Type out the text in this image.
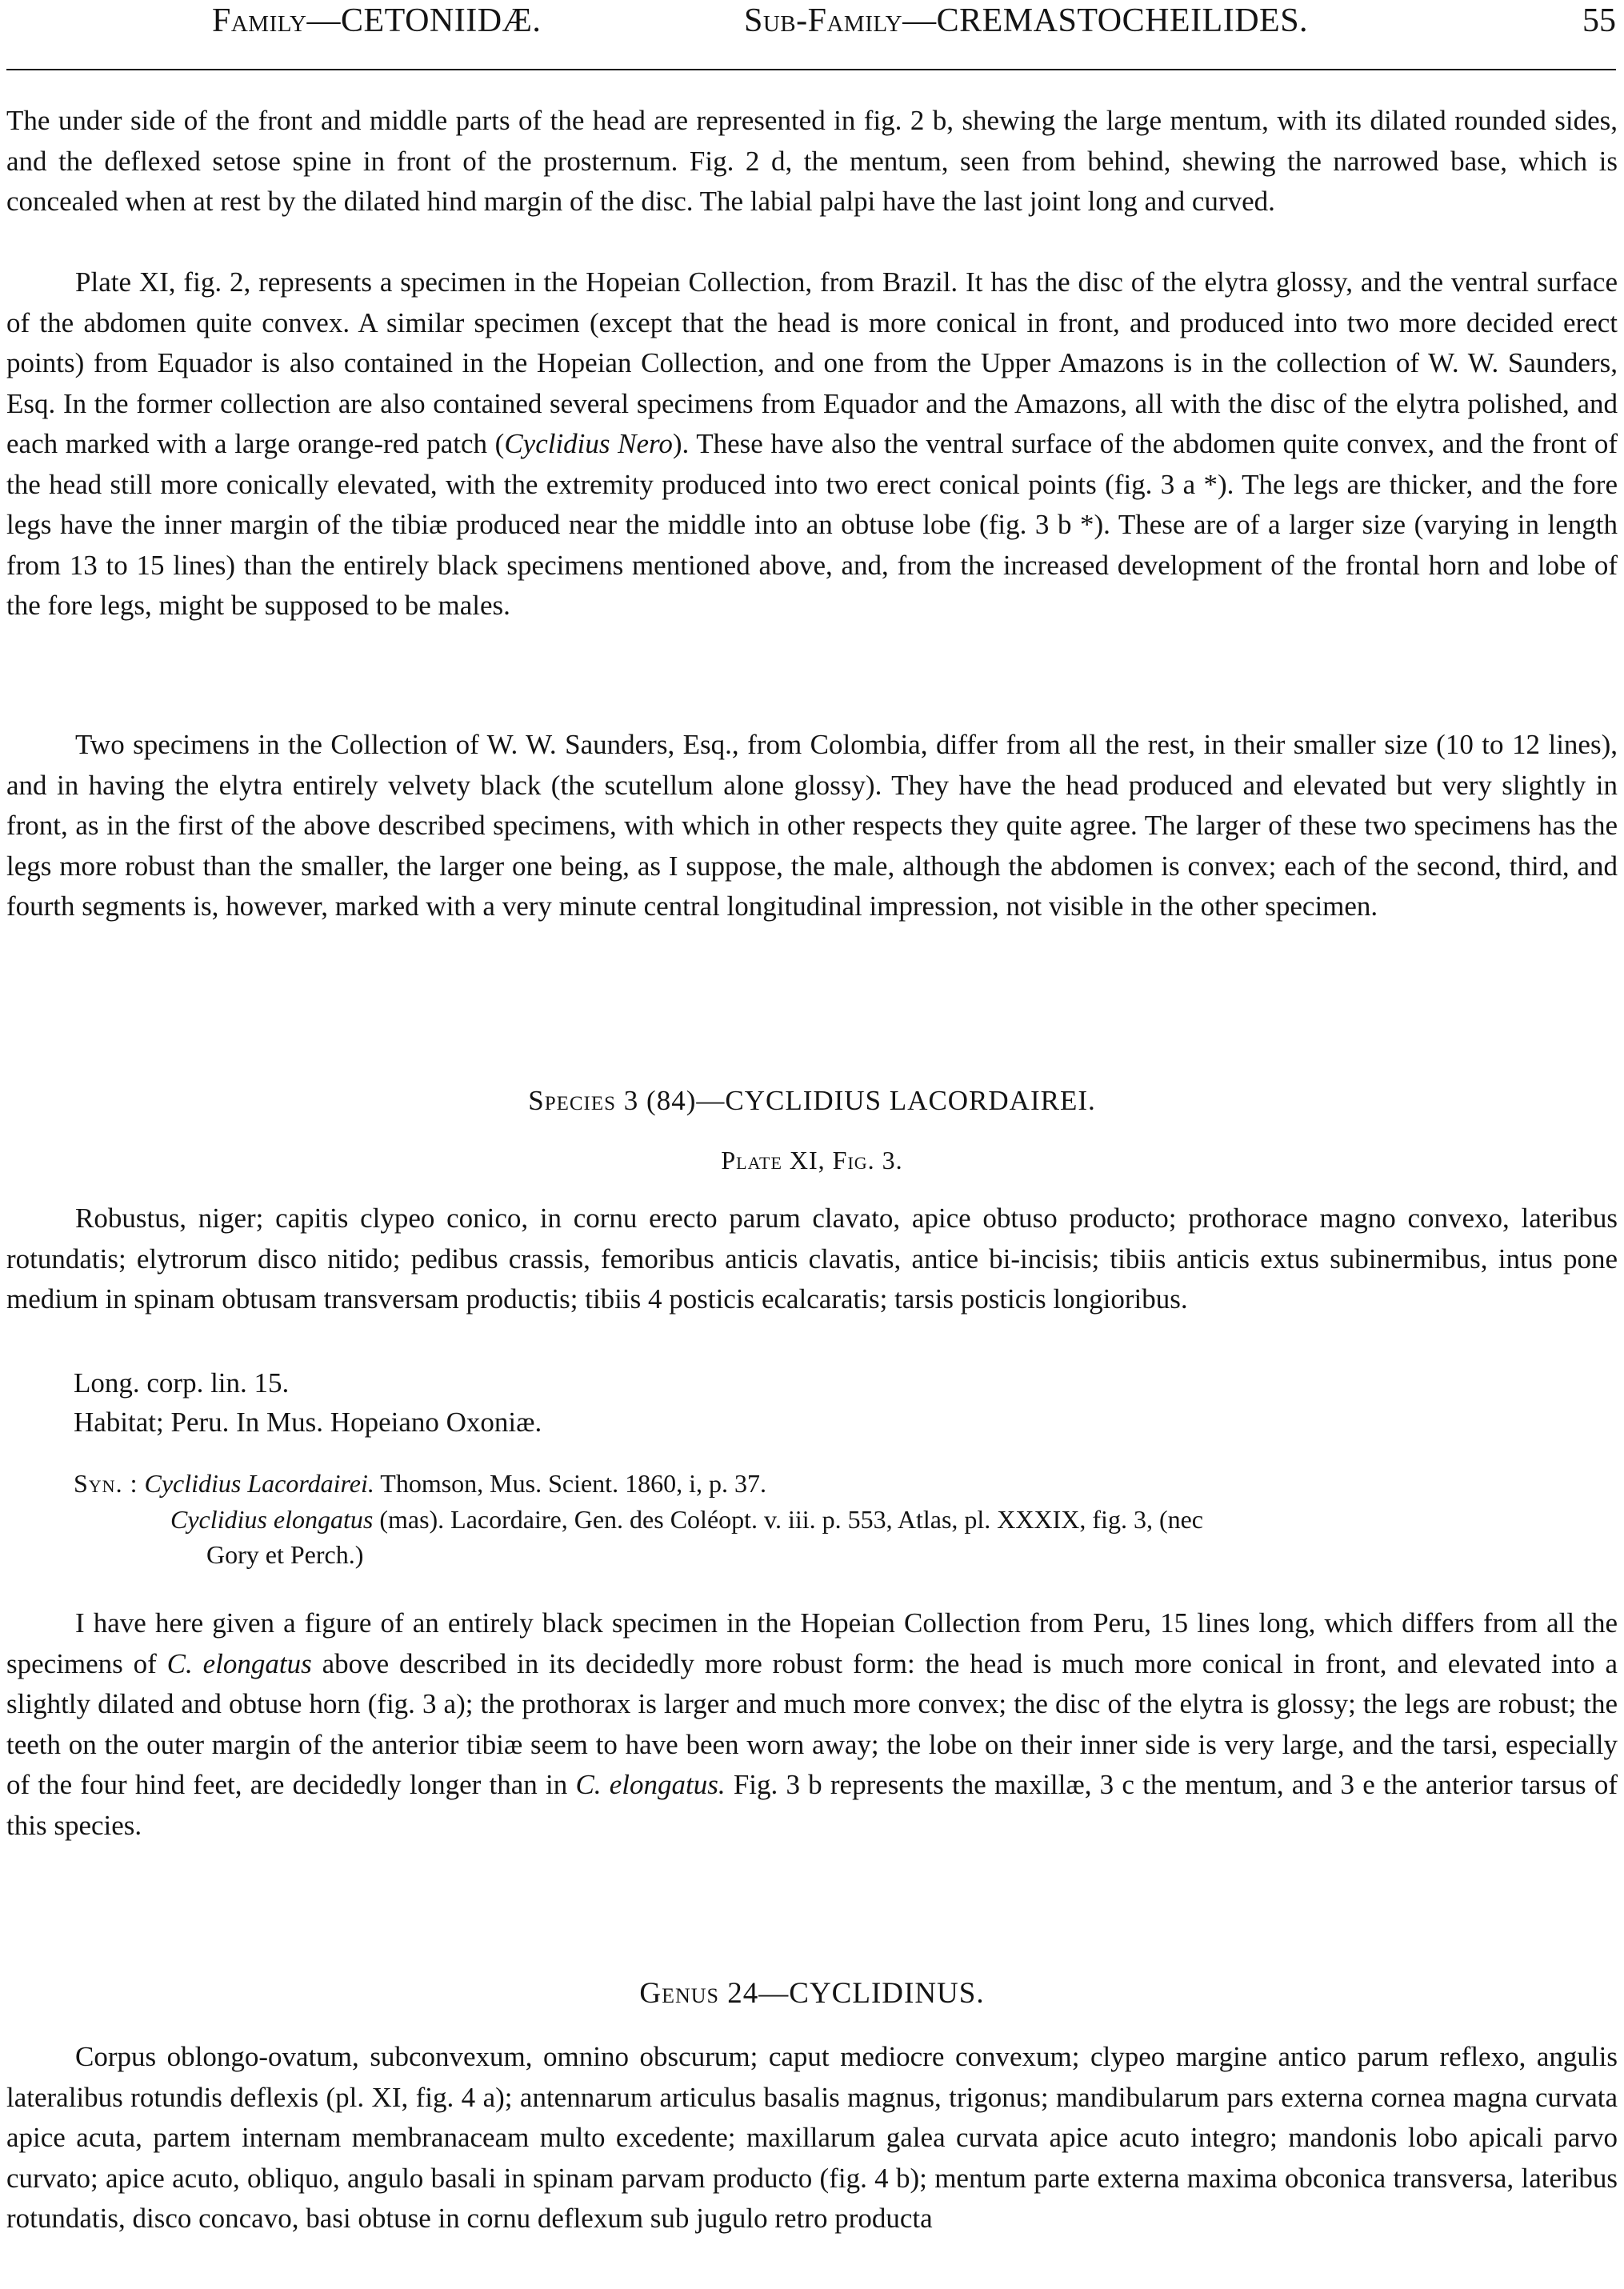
Family—CETONIIDÆ.	Sub-Family—CREMASTOCHEILIDES.	55

The under side of the front and middle parts of the head are represented in fig. 2 b, shewing the large mentum, with its dilated rounded sides, and the deflexed setose spine in front of the prosternum. Fig. 2 d, the mentum, seen from behind, shewing the narrowed base, which is concealed when at rest by the dilated hind margin of the disc. The labial palpi have the last joint long and curved.

Plate XI, fig. 2, represents a specimen in the Hopeian Collection, from Brazil. It has the disc of the elytra glossy, and the ventral surface of the abdomen quite convex. A similar specimen (except that the head is more conical in front, and produced into two more decided erect points) from Equador is also contained in the Hopeian Collection, and one from the Upper Amazons is in the collection of W. W. Saunders, Esq. In the former collection are also contained several specimens from Equador and the Amazons, all with the disc of the elytra polished, and each marked with a large orange-red patch (Cyclidius Nero). These have also the ventral surface of the abdomen quite convex, and the front of the head still more conically elevated, with the extremity produced into two erect conical points (fig. 3 a *). The legs are thicker, and the fore legs have the inner margin of the tibiæ produced near the middle into an obtuse lobe (fig. 3 b *). These are of a larger size (varying in length from 13 to 15 lines) than the entirely black specimens mentioned above, and, from the increased development of the frontal horn and lobe of the fore legs, might be supposed to be males.

Two specimens in the Collection of W. W. Saunders, Esq., from Colombia, differ from all the rest, in their smaller size (10 to 12 lines), and in having the elytra entirely velvety black (the scutellum alone glossy). They have the head produced and elevated but very slightly in front, as in the first of the above described specimens, with which in other respects they quite agree. The larger of these two specimens has the legs more robust than the smaller, the larger one being, as I suppose, the male, although the abdomen is convex; each of the second, third, and fourth segments is, however, marked with a very minute central longitudinal impression, not visible in the other specimen.

Species 3 (84)—CYCLIDIUS LACORDAIREI.

Plate XI, Fig. 3.

Robustus, niger; capitis clypeo conico, in cornu erecto parum clavato, apice obtuso producto; prothorace magno convexo, lateribus rotundatis; elytrorum disco nitido; pedibus crassis, femoribus anticis clavatis, antice bi-incisis; tibiis anticis extus subinermibus, intus pone medium in spinam obtusam transversam productis; tibiis 4 posticis ecalcaratis; tarsis posticis longioribus.

Long. corp. lin. 15.

Habitat; Peru. In Mus. Hopeiano Oxoniæ.

Syn. : Cyclidius Lacordairei. Thomson, Mus. Scient. 1860, i, p. 37.

Cyclidius elongatus (mas). Lacordaire, Gen. des Coléopt. v. iii. p. 553, Atlas, pl. XXXIX, fig. 3, (nec

Gory et Perch.)

I have here given a figure of an entirely black specimen in the Hopeian Collection from Peru, 15 lines long, which differs from all the specimens of C. elongatus above described in its decidedly more robust form: the head is much more conical in front, and elevated into a slightly dilated and obtuse horn (fig. 3 a); the prothorax is larger and much more convex; the disc of the elytra is glossy; the legs are robust; the teeth on the outer margin of the anterior tibiæ seem to have been worn away; the lobe on their inner side is very large, and the tarsi, especially of the four hind feet, are decidedly longer than in C. elongatus. Fig. 3 b represents the maxillæ, 3 c the mentum, and 3 e the anterior tarsus of this species.

Genus 24—CYCLIDINUS.

Corpus oblongo-ovatum, subconvexum, omnino obscurum; caput mediocre convexum; clypeo margine antico parum reflexo, angulis lateralibus rotundis deflexis (pl. XI, fig. 4 a); antennarum articulus basalis magnus, trigonus; mandibularum pars externa cornea magna curvata apice acuta, partem internam membranaceam multo excedente; maxillarum galea curvata apice acuto integro; mandonis lobo apicali parvo curvato; apice acuto, obliquo, angulo basali in spinam parvam producto (fig. 4 b); mentum parte externa maxima obconica transversa, lateribus rotundatis, disco concavo, basi obtuse in cornu deflexum sub jugulo retro producta
